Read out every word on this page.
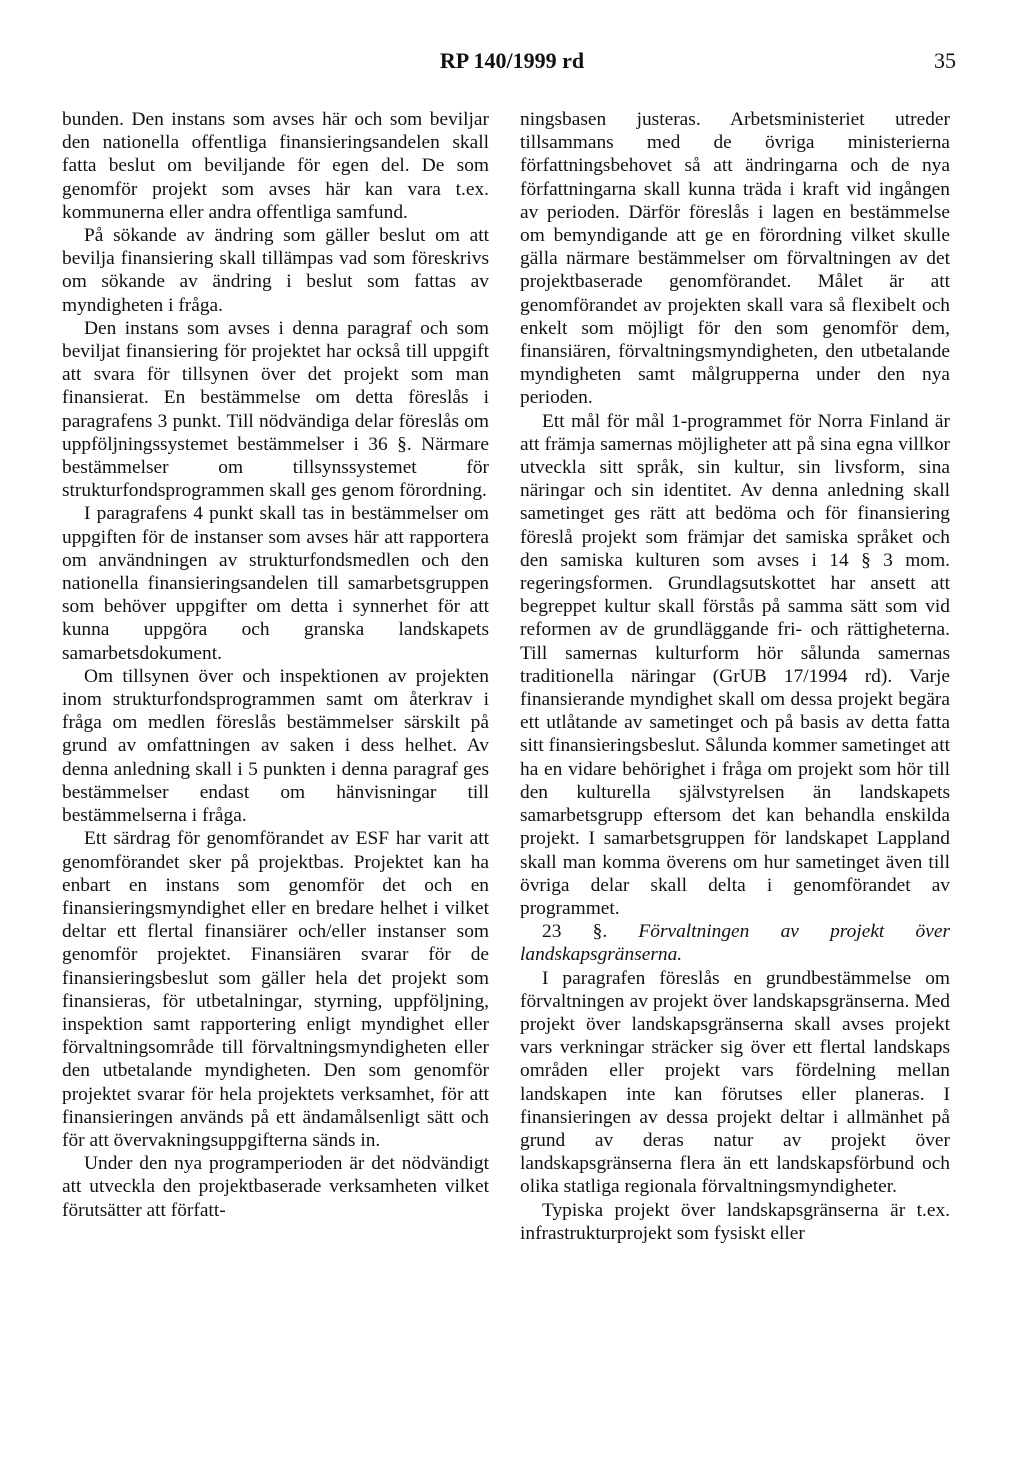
RP 140/1999 rd	35

bunden. Den instans som avses här och som beviljar den nationella offentliga finansieringsandelen skall fatta beslut om beviljande för egen del. De som genomför projekt som avses här kan vara t.ex. kommunerna eller andra offentliga samfund.

På sökande av ändring som gäller beslut om att bevilja finansiering skall tillämpas vad som föreskrivs om sökande av ändring i beslut som fattas av myndigheten i fråga.

Den instans som avses i denna paragraf och som beviljat finansiering för projektet har också till uppgift att svara för tillsynen över det projekt som man finansierat. En bestämmelse om detta föreslås i paragrafens 3 punkt. Till nödvändiga delar föreslås om uppföljningssystemet bestämmelser i 36 §. Närmare bestämmelser om tillsynssystemet för strukturfondsprogrammen skall ges genom förordning.

I paragrafens 4 punkt skall tas in bestämmelser om uppgiften för de instanser som avses här att rapportera om användningen av strukturfondsmedlen och den nationella finansieringsandelen till samarbetsgruppen som behöver uppgifter om detta i synnerhet för att kunna uppgöra och granska landskapets samarbetsdokument.

Om tillsynen över och inspektionen av projekten inom strukturfondsprogrammen samt om återkrav i fråga om medlen föreslås bestämmelser särskilt på grund av omfattningen av saken i dess helhet. Av denna anledning skall i 5 punkten i denna paragraf ges bestämmelser endast om hänvisningar till bestämmelserna i fråga.

Ett särdrag för genomförandet av ESF har varit att genomförandet sker på projektbas. Projektet kan ha enbart en instans som genomför det och en finansieringsmyndighet eller en bredare helhet i vilket deltar ett flertal finansiärer och/eller instanser som genomför projektet. Finansiären svarar för de finansieringsbeslut som gäller hela det projekt som finansieras, för utbetalningar, styrning, uppföljning, inspektion samt rapportering enligt myndighet eller förvaltningsområde till förvaltningsmyndigheten eller den utbetalande myndigheten. Den som genomför projektet svarar för hela projektets verksamhet, för att finansieringen används på ett ändamålsenligt sätt och för att övervakningsuppgifterna sänds in.

Under den nya programperioden är det nödvändigt att utveckla den projektbaserade verksamheten vilket förutsätter att författ-

ningsbasen justeras. Arbetsministeriet utreder tillsammans med de övriga ministerierna författningsbehovet så att ändringarna och de nya författningarna skall kunna träda i kraft vid ingången av perioden. Därför föreslås i lagen en bestämmelse om bemyndigande att ge en förordning vilket skulle gälla närmare bestämmelser om förvaltningen av det projektbaserade genomförandet. Målet är att genomförandet av projekten skall vara så flexibelt och enkelt som möjligt för den som genomför dem, finansiären, förvaltningsmyndigheten, den utbetalande myndigheten samt målgrupperna under den nya perioden.

Ett mål för mål 1-programmet för Norra Finland är att främja samernas möjligheter att på sina egna villkor utveckla sitt språk, sin kultur, sin livsform, sina näringar och sin identitet. Av denna anledning skall sametinget ges rätt att bedöma och för finansiering föreslå projekt som främjar det samiska språket och den samiska kulturen som avses i 14 § 3 mom. regeringsformen. Grundlagsutskottet har ansett att begreppet kultur skall förstås på samma sätt som vid reformen av de grundläggande fri- och rättigheterna. Till samernas kulturform hör sålunda samernas traditionella näringar (GrUB 17/1994 rd). Varje finansierande myndighet skall om dessa projekt begära ett utlåtande av sametinget och på basis av detta fatta sitt finansieringsbeslut. Sålunda kommer sametinget att ha en vidare behörighet i fråga om projekt som hör till den kulturella självstyrelsen än landskapets samarbetsgrupp eftersom det kan behandla enskilda projekt. I samarbetsgruppen för landskapet Lappland skall man komma överens om hur sametinget även till övriga delar skall delta i genomförandet av programmet.

23 §. Förvaltningen av projekt över landskapsgränserna.

I paragrafen föreslås en grundbestämmelse om förvaltningen av projekt över landskapsgränserna. Med projekt över landskapsgränserna skall avses projekt vars verkningar sträcker sig över ett flertal landskaps områden eller projekt vars fördelning mellan landskapen inte kan förutses eller planeras. I finansieringen av dessa projekt deltar i allmänhet på grund av deras natur av projekt över landskapsgränserna flera än ett landskapsförbund och olika statliga regionala förvaltningsmyndigheter.

Typiska projekt över landskapsgränserna är t.ex. infrastrukturprojekt som fysiskt eller
